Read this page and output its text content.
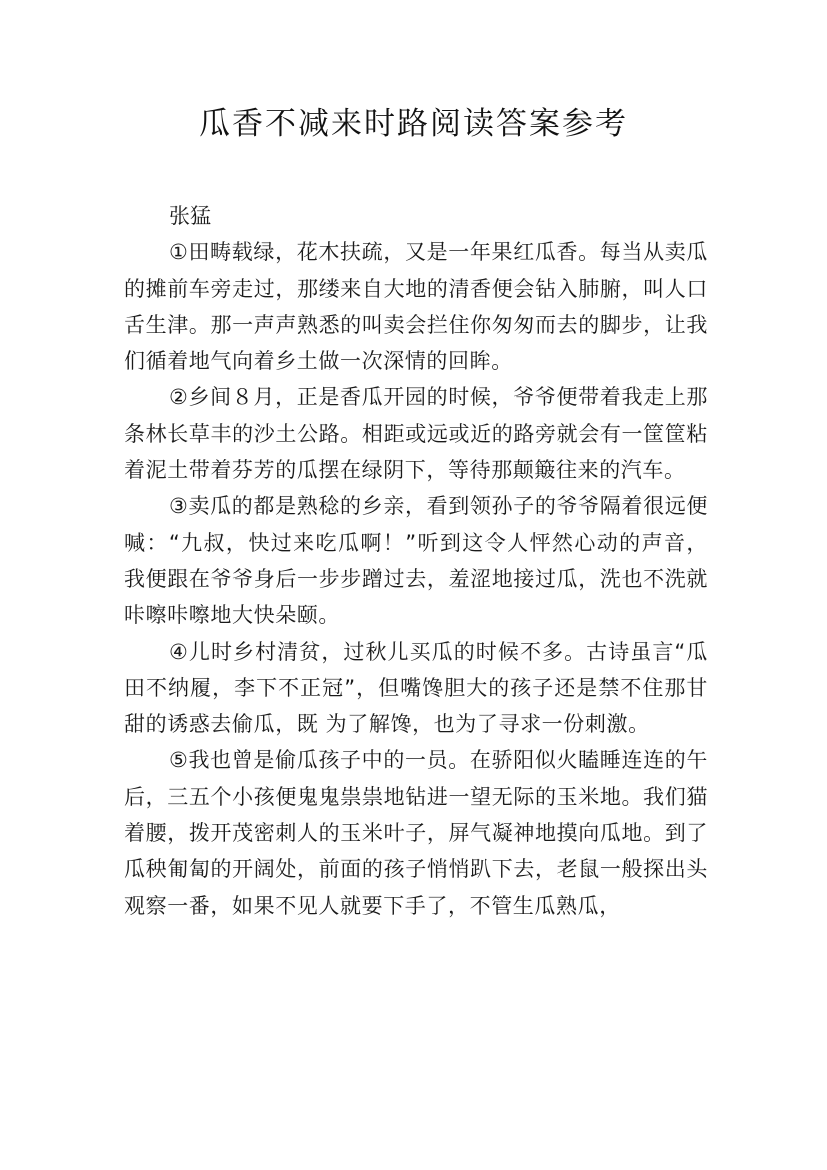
瓜香不减来时路阅读答案参考

张猛

①田畴载绿，花木扶疏，又是一年果红瓜香。每当从卖瓜的摊前车旁走过，那缕来自大地的清香便会钻入肺腑，叫人口舌生津。那一声声熟悉的叫卖会拦住你匆匆而去的脚步，让我们循着地气向着乡土做一次深情的回眸。

②乡间８月，正是香瓜开园的时候，爷爷便带着我走上那条林长草丰的沙土公路。相距或远或近的路旁就会有一筐筐粘着泥土带着芬芳的瓜摆在绿阴下，等待那颠簸往来的汽车。

③卖瓜的都是熟稔的乡亲，看到领孙子的爷爷隔着很远便喊：“九叔，快过来吃瓜啊！”听到这令人怦然心动的声音，我便跟在爷爷身后一步步蹭过去，羞涩地接过瓜，洗也不洗就咔嚓咔嚓地大快朵颐。

④儿时乡村清贫，过秋儿买瓜的时候不多。古诗虽言“瓜田不纳履，李下不正冠”，但嘴馋胆大的孩子还是禁不住那甘甜的诱惑去偷瓜，既 为了解馋，也为了寻求一份刺激。

⑤我也曾是偷瓜孩子中的一员。在骄阳似火瞌睡连连的午后，三五个小孩便鬼鬼祟祟地钻进一望无际的玉米地。我们猫着腰，拨开茂密刺人的玉米叶子，屏气凝神地摸向瓜地。到了瓜秧匍匐的开阔处，前面的孩子悄悄趴下去，老鼠一般探出头观察一番，如果不见人就要下手了，不管生瓜熟瓜，
